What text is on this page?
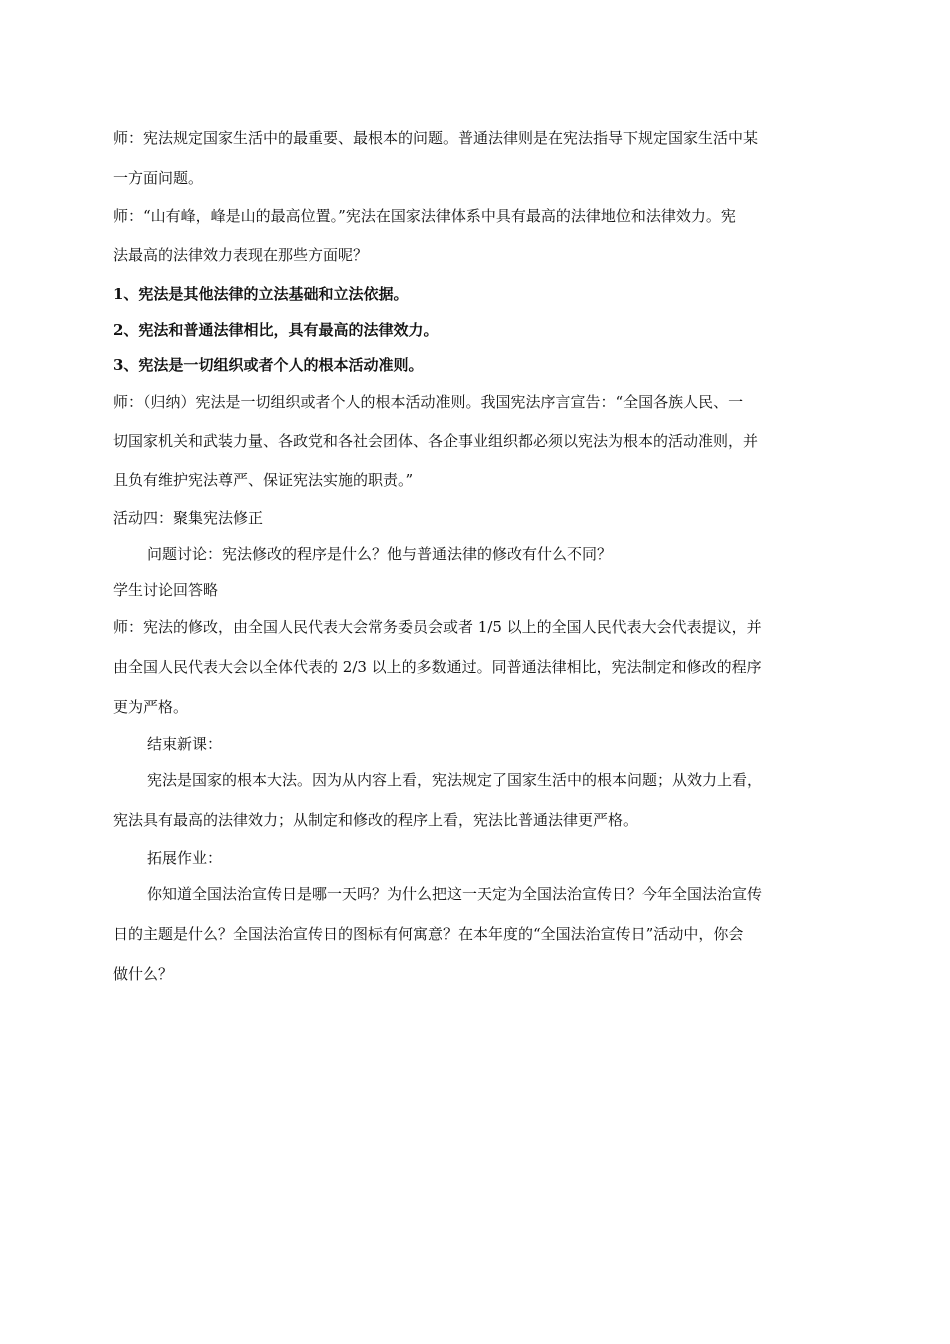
师：宪法规定国家生活中的最重要、最根本的问题。普通法律则是在宪法指导下规定国家生活中某
一方面问题。
师：“山有峰，峰是山的最高位置。”宪法在国家法律体系中具有最高的法律地位和法律效力。宪
法最高的法律效力表现在那些方面呢？
1、宪法是其他法律的立法基础和立法依据。
2、宪法和普通法律相比，具有最高的法律效力。
3、宪法是一切组织或者个人的根本活动准则。
师：（归纳）宪法是一切组织或者个人的根本活动准则。我国宪法序言宣告：“全国各族人民、一
切国家机关和武装力量、各政党和各社会团体、各企事业组织都必须以宪法为根本的活动准则，并
且负有维护宪法尊严、保证宪法实施的职责。”
活动四：聚集宪法修正
问题讨论：宪法修改的程序是什么？他与普通法律的修改有什么不同？
学生讨论回答略
师：宪法的修改，由全国人民代表大会常务委员会或者 1/5 以上的全国人民代表大会代表提议，并
由全国人民代表大会以全体代表的 2/3 以上的多数通过。同普通法律相比，宪法制定和修改的程序
更为严格。
结束新课：
宪法是国家的根本大法。因为从内容上看，宪法规定了国家生活中的根本问题；从效力上看，
宪法具有最高的法律效力；从制定和修改的程序上看，宪法比普通法律更严格。
拓展作业：
你知道全国法治宣传日是哪一天吗？为什么把这一天定为全国法治宣传日？今年全国法治宣传
日的主题是什么？全国法治宣传日的图标有何寓意？在本年度的“全国法治宣传日”活动中，你会
做什么？
